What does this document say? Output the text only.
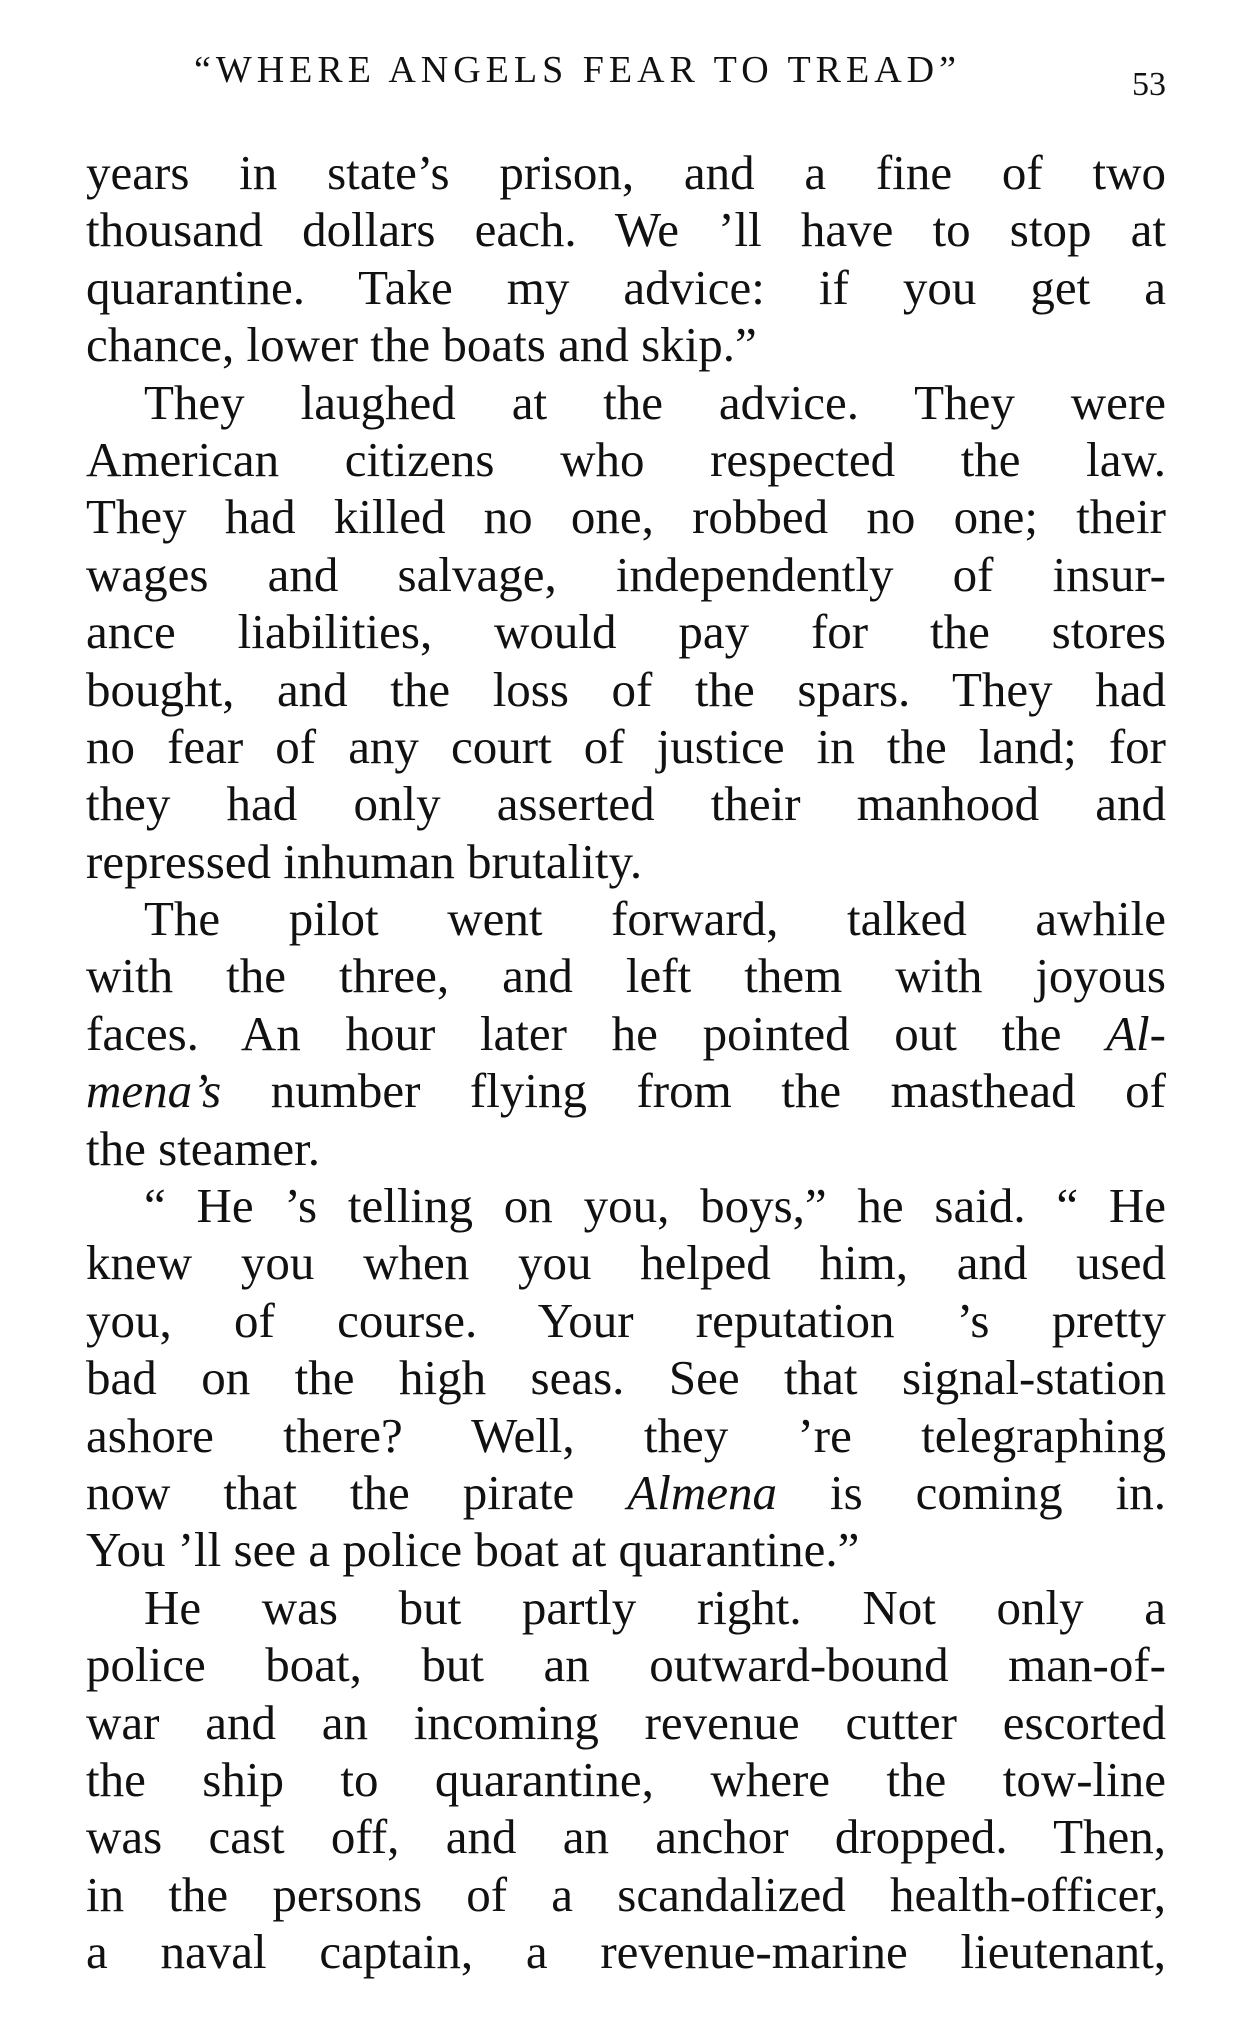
“WHERE ANGELS FEAR TO TREAD”	53
years in state’s prison, and a fine of two
thousand dollars each. We ’ll have to stop at
quarantine. Take my advice: if you get a
chance, lower the boats and skip.”
They laughed at the advice. They were
American citizens who respected the law.
They had killed no one, robbed no one; their
wages and salvage, independently of insur-
ance liabilities, would pay for the stores
bought, and the loss of the spars. They had
no fear of any court of justice in the land; for
they had only asserted their manhood and
repressed inhuman brutality.
The pilot went forward, talked awhile
with the three, and left them with joyous
faces. An hour later he pointed out the Al-
mena’s number flying from the masthead of
the steamer.
“ He ’s telling on you, boys,” he said. “ He
knew you when you helped him, and used
you, of course. Your reputation ’s pretty
bad on the high seas. See that signal-station
ashore there? Well, they ’re telegraphing
now that the pirate Almena is coming in.
You ’ll see a police boat at quarantine.”
He was but partly right. Not only a
police boat, but an outward-bound man-of-
war and an incoming revenue cutter escorted
the ship to quarantine, where the tow-line
was cast off, and an anchor dropped. Then,
in the persons of a scandalized health-officer,
a naval captain, a revenue-marine lieutenant,
